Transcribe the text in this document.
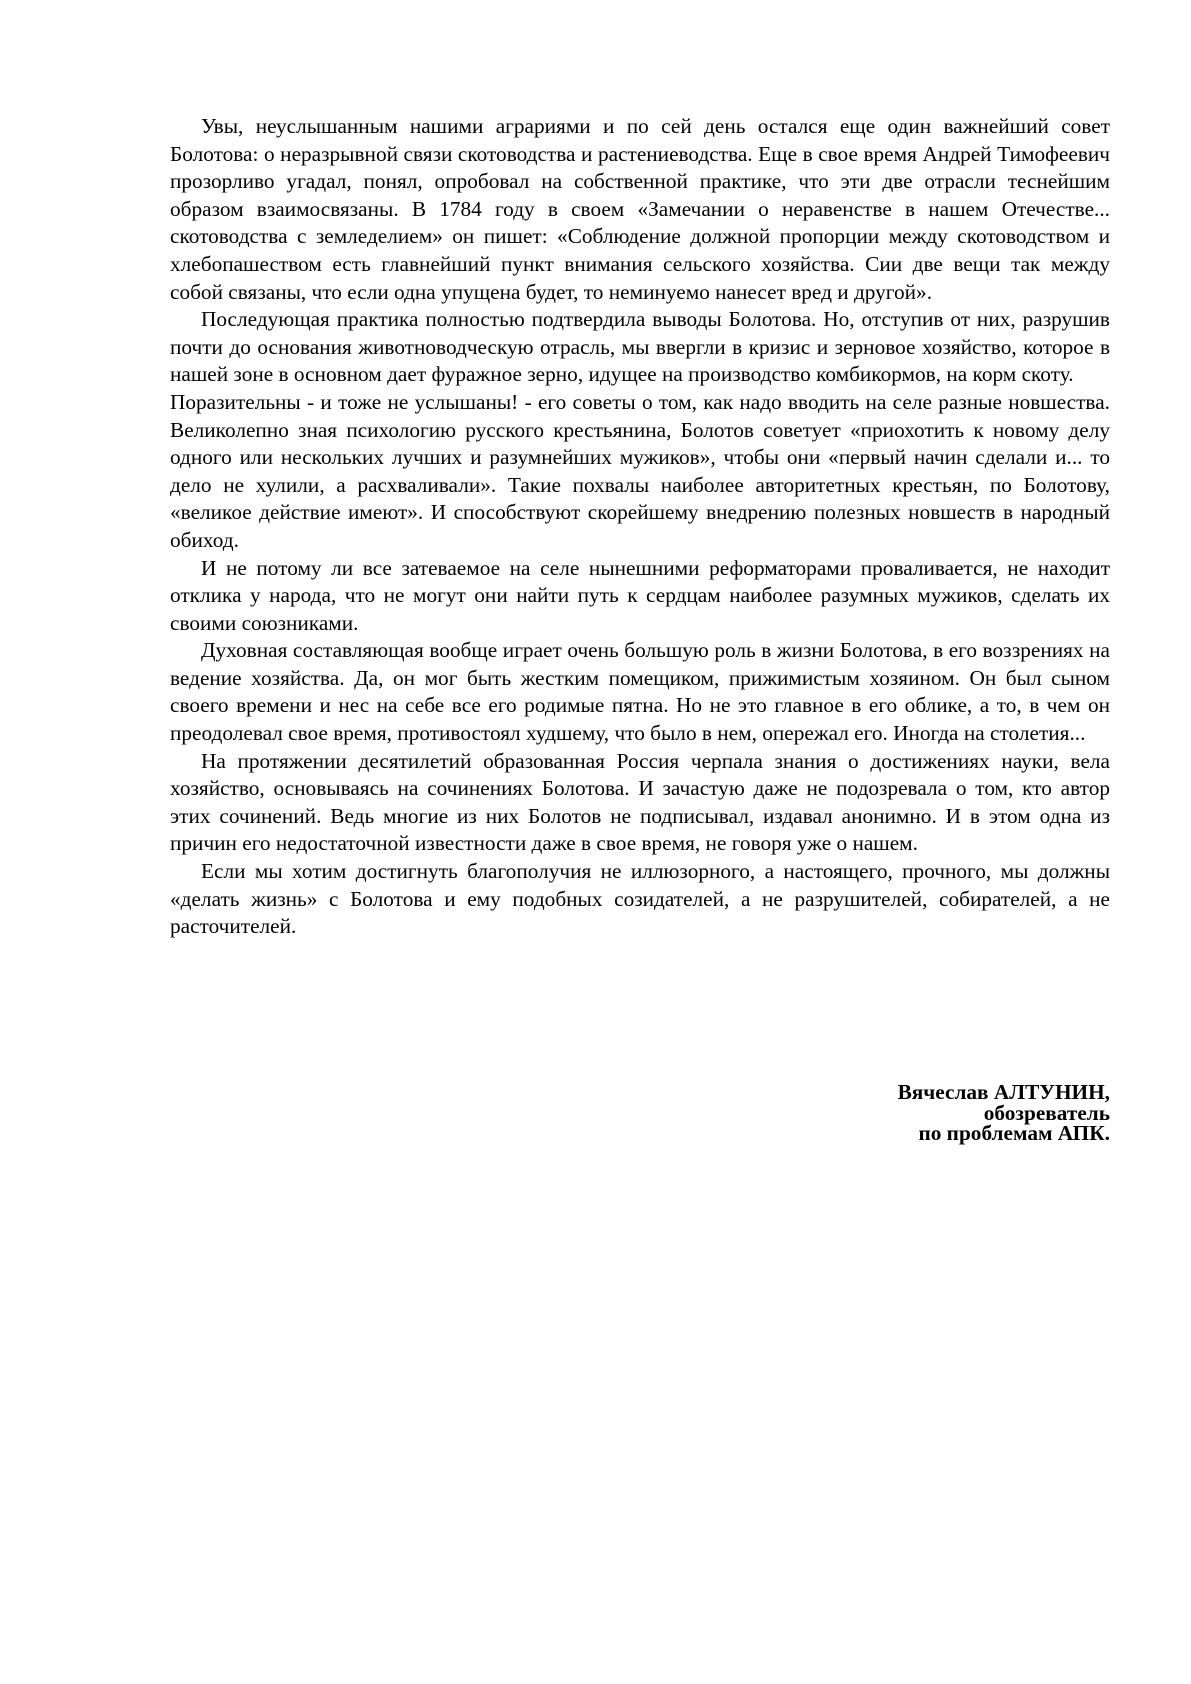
Увы, неуслышанным нашими аграриями и по сей день остался еще один важнейший совет Болотова: о неразрывной связи скотоводства и растениеводства. Еще в свое время Андрей Тимофеевич прозорливо угадал, понял, опробовал на собственной практике, что эти две отрасли теснейшим образом взаимосвязаны. В 1784 году в своем «Замечании о неравенстве в нашем Отечестве... скотоводства с земледелием» он пишет: «Соблюдение должной пропорции между скотоводством и хлебопашеством есть главнейший пункт внимания сельского хозяйства. Сии две вещи так между собой связаны, что если одна упущена будет, то неминуемо нанесет вред и другой».

Последующая практика полностью подтвердила выводы Болотова. Но, отступив от них, разрушив почти до основания животноводческую отрасль, мы ввергли в кризис и зерновое хозяйство, которое в нашей зоне в основном дает фуражное зерно, идущее на производство комбикормов, на корм скоту.

Поразительны - и тоже не услышаны! - его советы о том, как надо вводить на селе разные новшества. Великолепно зная психологию русского крестьянина, Болотов советует «приохотить к новому делу одного или нескольких лучших и разумнейших мужиков», чтобы они «первый начин сделали и... то дело не хулили, а расхваливали». Такие похвалы наиболее авторитетных крестьян, по Болотову, «великое действие имеют». И способствуют скорейшему внедрению полезных новшеств в народный обиход.

И не потому ли все затеваемое на селе нынешними реформаторами проваливается, не находит отклика у народа, что не могут они найти путь к сердцам наиболее разумных мужиков, сделать их своими союзниками.

Духовная составляющая вообще играет очень большую роль в жизни Болотова, в его воззрениях на ведение хозяйства. Да, он мог быть жестким помещиком, прижимистым хозяином. Он был сыном своего времени и нес на себе все его родимые пятна. Но не это главное в его облике, а то, в чем он преодолевал свое время, противостоял худшему, что было в нем, опережал его. Иногда на столетия...

На протяжении десятилетий образованная Россия черпала знания о достижениях науки, вела хозяйство, основываясь на сочинениях Болотова. И зачастую даже не подозревала о том, кто автор этих сочинений. Ведь многие из них Болотов не подписывал, издавал анонимно. И в этом одна из причин его недостаточной известности даже в свое время, не говоря уже о нашем.

Если мы хотим достигнуть благополучия не иллюзорного, а настоящего, прочного, мы должны «делать жизнь» с Болотова и ему подобных созидателей, а не разрушителей, собирателей, а не расточителей.

Вячеслав АЛТУНИН,
обозреватель
по проблемам АПК.
